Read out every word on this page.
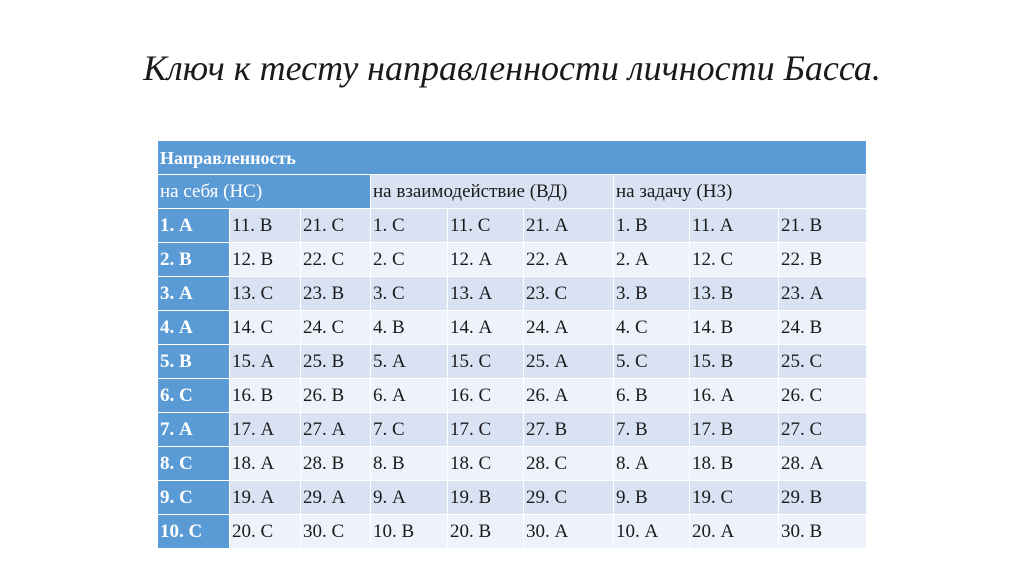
Ключ к тесту направленности личности Басса.
Направленность								
на себя (НС)			на взаимодействие (ВД)			на задачу (НЗ)		
1. А	11. В	21. С	1. С	11. С	21. А	1. В	11. А	21. В
2. В	12. В	22. С	2. С	12. А	22. А	2. А	12. С	22. В
3. А	13. С	23. В	3. С	13. А	23. С	3. В	13. В	23. А
4. А	14. С	24. С	4. В	14. А	24. А	4. С	14. В	24. В
5. В	15. А	25. В	5. А	15. С	25. А	5. С	15. В	25. С
6. С	16. В	26. В	6. А	16. С	26. А	6. В	16. А	26. С
7. А	17. А	27. А	7. С	17. С	27. В	7. В	17. В	27. С
8. С	18. А	28. В	8. В	18. С	28. С	8. А	18. В	28. А
9. С	19. А	29. А	9. А	19. В	29. С	9. В	19. С	29. В
10. С	20. С	30. С	10. В	20. В	30. А	10. А	20. А	30. В
